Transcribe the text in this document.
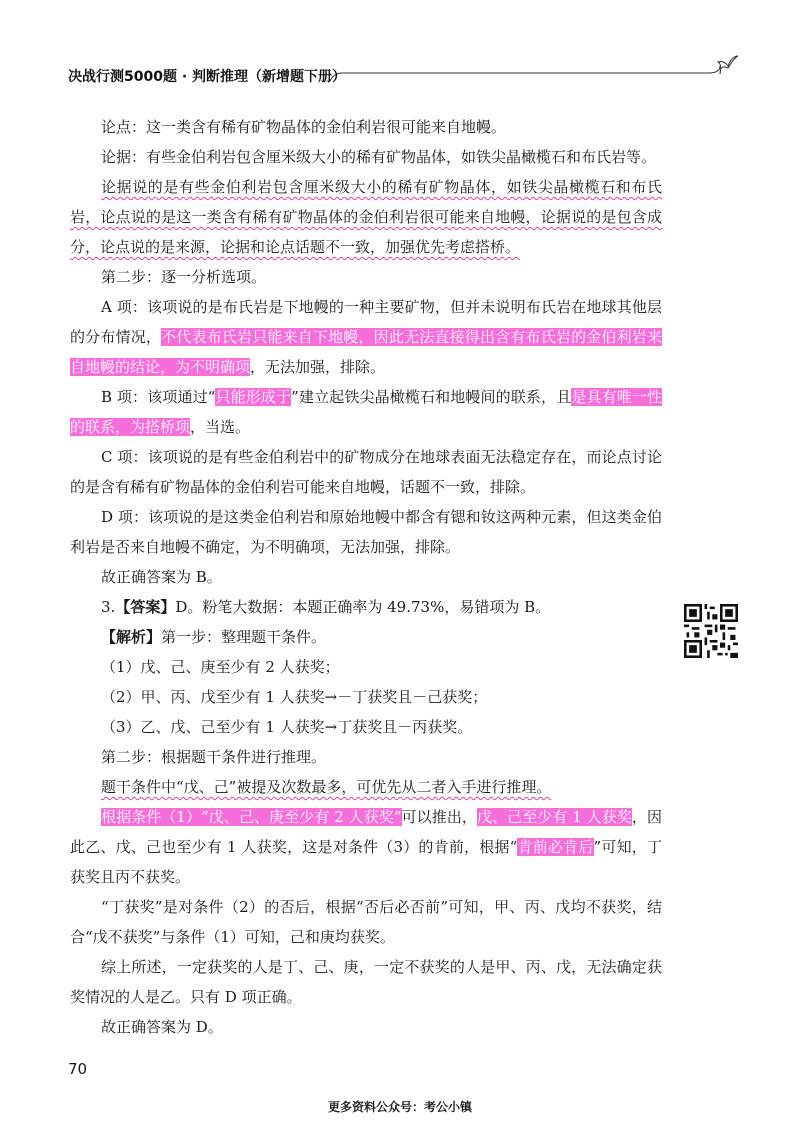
决战行测5000题 · 判断推理（新增题下册）

论点：这一类含有稀有矿物晶体的金伯利岩很可能来自地幔。

论据：有些金伯利岩包含厘米级大小的稀有矿物晶体，如铁尖晶橄榄石和布氏岩等。

论据说的是有些金伯利岩包含厘米级大小的稀有矿物晶体，如铁尖晶橄榄石和布氏岩，论点说的是这一类含有稀有矿物晶体的金伯利岩很可能来自地幔，论据说的是包含成分，论点说的是来源，论据和论点话题不一致，加强优先考虑搭桥。

第二步：逐一分析选项。

A 项：该项说的是布氏岩是下地幔的一种主要矿物，但并未说明布氏岩在地球其他层的分布情况，不代表布氏岩只能来自下地幔，因此无法直接得出含有布氏岩的金伯利岩来自地幔的结论，为不明确项，无法加强，排除。

B 项：该项通过“只能形成于”建立起铁尖晶橄榄石和地幔间的联系，且是具有唯一性的联系，为搭桥项，当选。

C 项：该项说的是有些金伯利岩中的矿物成分在地球表面无法稳定存在，而论点讨论的是含有稀有矿物晶体的金伯利岩可能来自地幔，话题不一致，排除。

D 项：该项说的是这类金伯利岩和原始地幔中都含有锶和钕这两种元素，但这类金伯利岩是否来自地幔不确定，为不明确项，无法加强，排除。

故正确答案为 B。

3.【答案】D。粉笔大数据：本题正确率为 49.73%，易错项为 B。

【解析】第一步：整理题干条件。

（1）戊、己、庚至少有 2 人获奖；

（2）甲、丙、戊至少有 1 人获奖→－丁获奖且－己获奖；

（3）乙、戊、己至少有 1 人获奖→丁获奖且－丙获奖。

第二步：根据题干条件进行推理。

题干条件中“戊、己”被提及次数最多，可优先从二者入手进行推理。

根据条件（1）“戊、己、庚至少有 2 人获奖”可以推出，戊、己至少有 1 人获奖，因此乙、戊、己也至少有 1 人获奖，这是对条件（3）的肯前，根据“肯前必肯后”可知，丁获奖且丙不获奖。

“丁获奖”是对条件（2）的否后，根据“否后必否前”可知，甲、丙、戊均不获奖，结合“戊不获奖”与条件（1）可知，己和庚均获奖。

综上所述，一定获奖的人是丁、己、庚，一定不获奖的人是甲、丙、戊，无法确定获奖情况的人是乙。只有 D 项正确。

故正确答案为 D。

70
更多资料公众号：考公小镇
